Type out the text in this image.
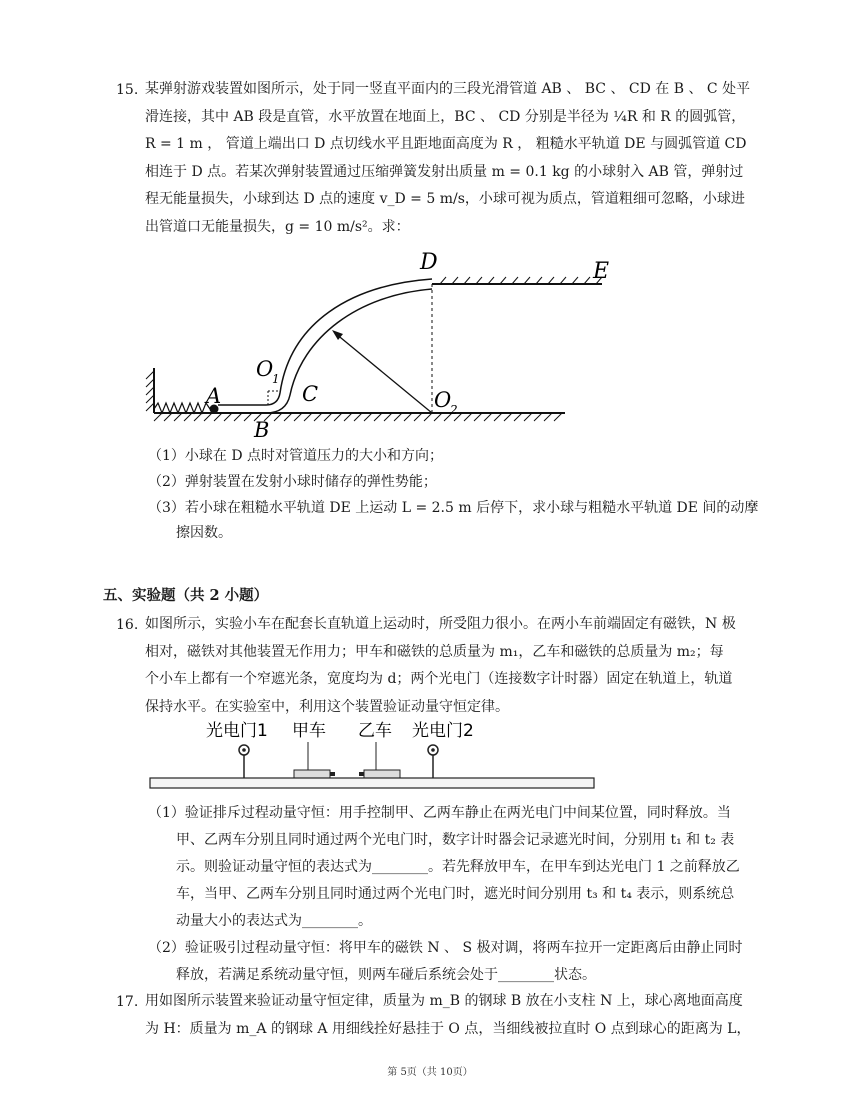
15. 某弹射游戏装置如图所示，处于同一竖直平面内的三段光滑管道 AB 、 BC 、 CD 在 B 、 C 处平
滑连接，其中 AB 段是直管，水平放置在地面上，BC 、 CD 分别是半径为 ¼R 和 R 的圆弧管，
R = 1 m ， 管道上端出口 D 点切线水平且距地面高度为 R ， 粗糙水平轨道 DE 与圆弧管道 CD
相连于 D 点。若某次弹射装置通过压缩弹簧发射出质量 m = 0.1 kg 的小球射入 AB 管，弹射过
程无能量损失，小球到达 D 点的速度 v_D = 5 m/s，小球可视为质点，管道粗细可忽略，小球进
出管道口无能量损失，g = 10 m/s²。求：
D	E
O
1
C
A
B
O
2
（1）小球在 D 点时对管道压力的大小和方向；
（2）弹射装置在发射小球时储存的弹性势能；
（3）若小球在粗糙水平轨道 DE 上运动 L = 2.5 m 后停下，求小球与粗糙水平轨道 DE 间的动摩
擦因数。
五、实验题（共 2 小题）
16. 如图所示，实验小车在配套长直轨道上运动时，所受阻力很小。在两小车前端固定有磁铁，N 极
相对，磁铁对其他装置无作用力；甲车和磁铁的总质量为 m₁，乙车和磁铁的总质量为 m₂；每
个小车上都有一个窄遮光条，宽度均为 d；两个光电门（连接数字计时器）固定在轨道上，轨道
保持水平。在实验室中，利用这个装置验证动量守恒定律。
光电门1 甲车 乙车 光电门2
（1）验证排斥过程动量守恒：用手控制甲、乙两车静止在两光电门中间某位置，同时释放。当
甲、乙两车分别且同时通过两个光电门时，数字计时器会记录遮光时间，分别用 t₁ 和 t₂ 表
示。则验证动量守恒的表达式为________。若先释放甲车，在甲车到达光电门 1 之前释放乙
车，当甲、乙两车分别且同时通过两个光电门时，遮光时间分别用 t₃ 和 t₄ 表示，则系统总
动量大小的表达式为________。
（2）验证吸引过程动量守恒：将甲车的磁铁 N 、 S 极对调，将两车拉开一定距离后由静止同时
释放，若满足系统动量守恒，则两车碰后系统会处于________状态。
17. 用如图所示装置来验证动量守恒定律，质量为 m_B 的钢球 B 放在小支柱 N 上，球心离地面高度
为 H：质量为 m_A 的钢球 A 用细线拴好悬挂于 O 点，当细线被拉直时 O 点到球心的距离为 L，
第 5页（共 10页）
